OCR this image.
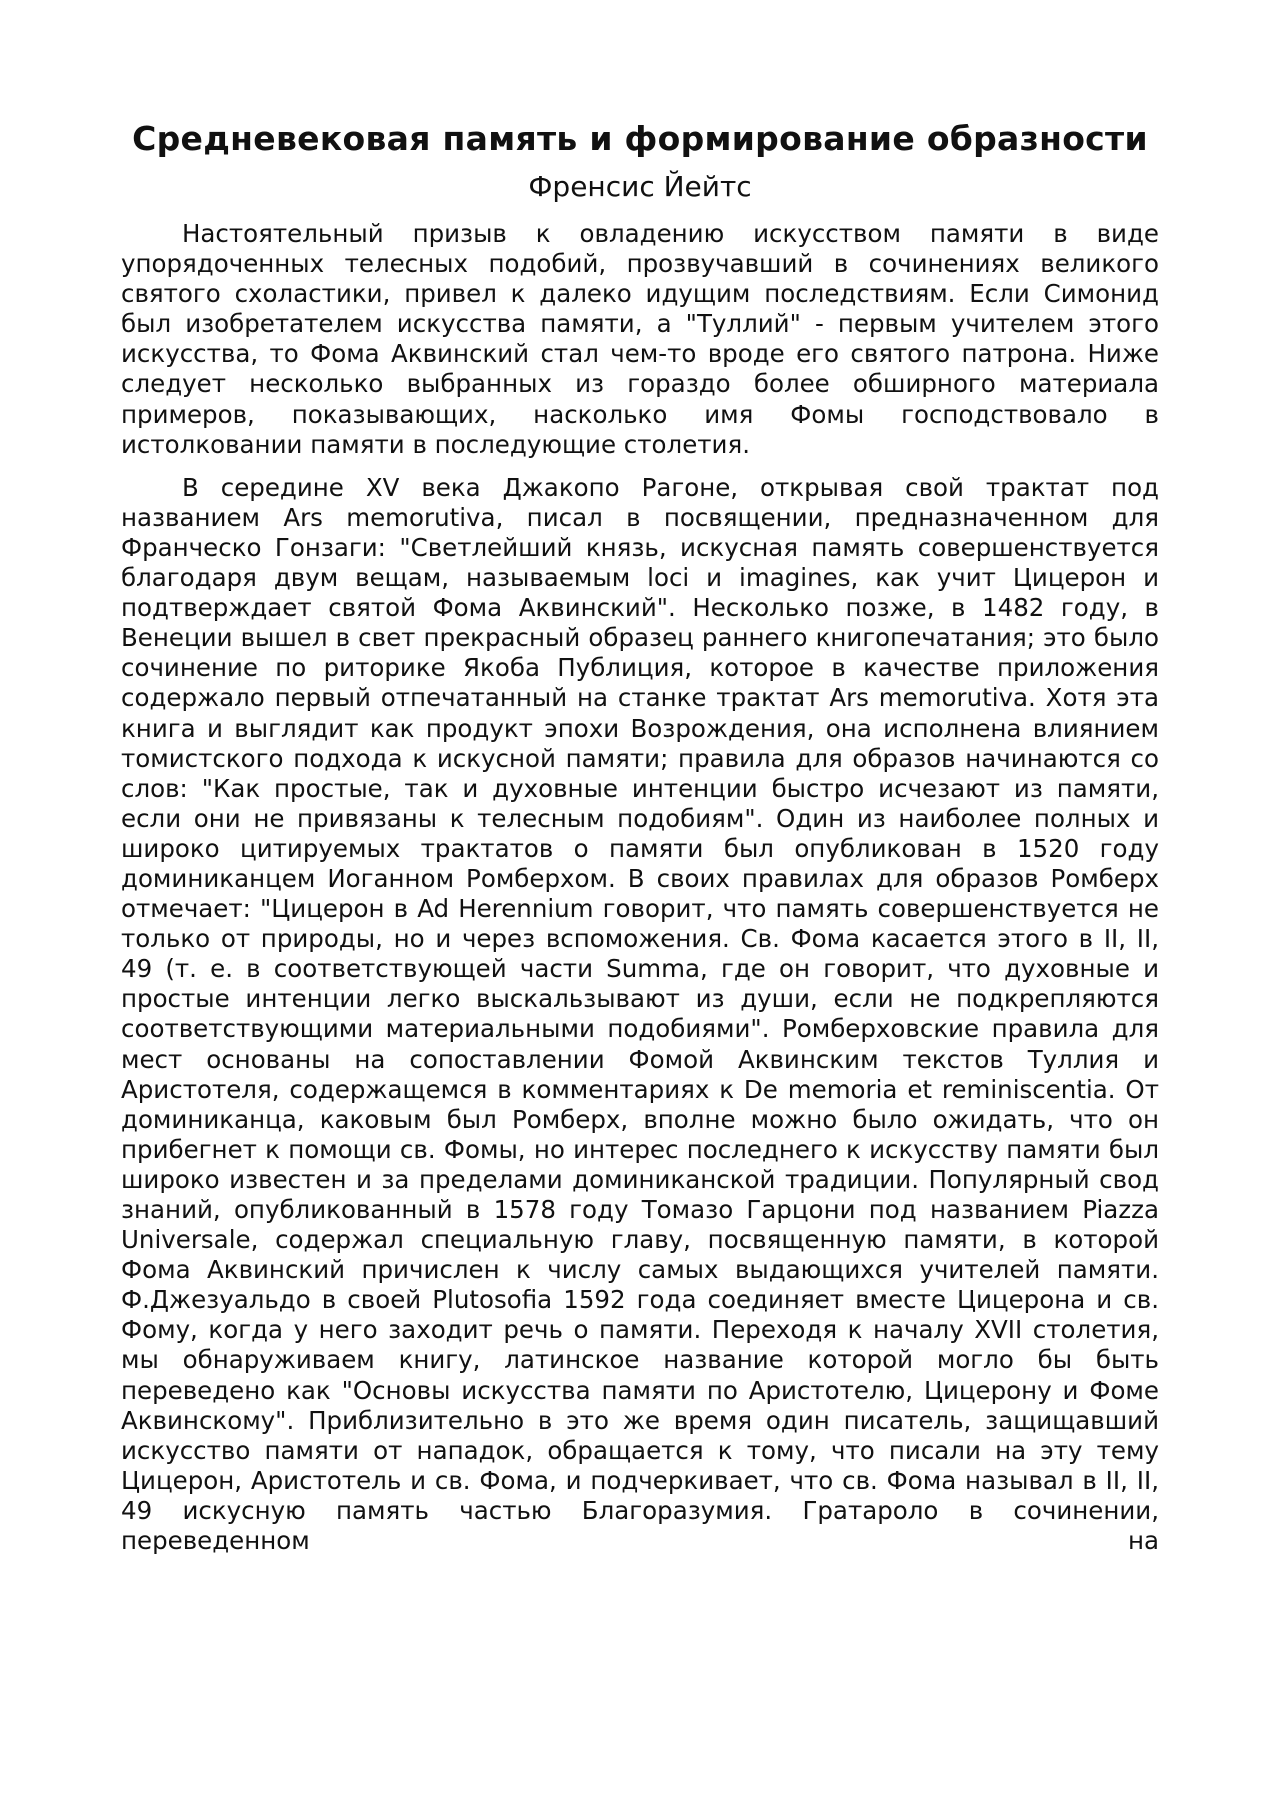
Средневековая память и формирование образности
Френсис Йейтс

Настоятельный призыв к овладению искусством памяти в виде упорядоченных телесных подобий, прозвучавший в сочинениях великого святого схоластики, привел к далеко идущим последствиям. Если Симонид был изобретателем искусства памяти, а "Туллий" - первым учителем этого искусства, то Фома Аквинский стал чем-то вроде его святого патрона. Ниже следует несколько выбранных из гораздо более обширного материала примеров, показывающих, насколько имя Фомы господствовало в истолковании памяти в последующие столетия.

В середине XV века Джакопо Рагоне, открывая свой трактат под названием Ars memorutiva, писал в посвящении, предназначенном для Франческо Гонзаги: "Светлейший князь, искусная память совершенствуется благодаря двум вещам, называемым loci и imagines, как учит Цицерон и подтверждает святой Фома Аквинский". Несколько позже, в 1482 году, в Венеции вышел в свет прекрасный образец раннего книгопечатания; это было сочинение по риторике Якоба Публиция, которое в качестве приложения содержало первый отпечатанный на станке трактат Ars memorutiva. Хотя эта книга и выглядит как продукт эпохи Возрождения, она исполнена влиянием томистского подхода к искусной памяти; правила для образов начинаются со слов: "Как простые, так и духовные интенции быстро исчезают из памяти, если они не привязаны к телесным подобиям". Один из наиболее полных и широко цитируемых трактатов о памяти был опубликован в 1520 году доминиканцем Иоганном Ромберхом. В своих правилах для образов Ромберх отмечает: "Цицерон в Ad Herennium говорит, что память совершенствуется не только от природы, но и через вспоможения. Св. Фома касается этого в II, II, 49 (т. е. в соответствующей части Summa, где он говорит, что духовные и простые интенции легко выскальзывают из души, если не подкрепляются соответствующими материальными подобиями". Ромберховские правила для мест основаны на сопоставлении Фомой Аквинским текстов Туллия и Аристотеля, содержащемся в комментариях к De memoria et reminiscentia. От доминиканца, каковым был Ромберх, вполне можно было ожидать, что он прибегнет к помощи св. Фомы, но интерес последнего к искусству памяти был широко известен и за пределами доминиканской традиции. Популярный свод знаний, опубликованный в 1578 году Томазо Гарцони под названием Piazza Universale, содержал специальную главу, посвященную памяти, в которой Фома Аквинский причислен к числу самых выдающихся учителей памяти. Ф.Джезуальдо в своей Plutosofia 1592 года соединяет вместе Цицерона и св. Фому, когда у него заходит речь о памяти. Переходя к началу XVII столетия, мы обнаруживаем книгу, латинское название которой могло бы быть переведено как "Основы искусства памяти по Аристотелю, Цицерону и Фоме Аквинскому". Приблизительно в это же время один писатель, защищавший искусство памяти от нападок, обращается к тому, что писали на эту тему Цицерон, Аристотель и св. Фома, и подчеркивает, что св. Фома называл в II, II, 49 искусную память частью Благоразумия. Гратароло в сочинении, переведенном на
